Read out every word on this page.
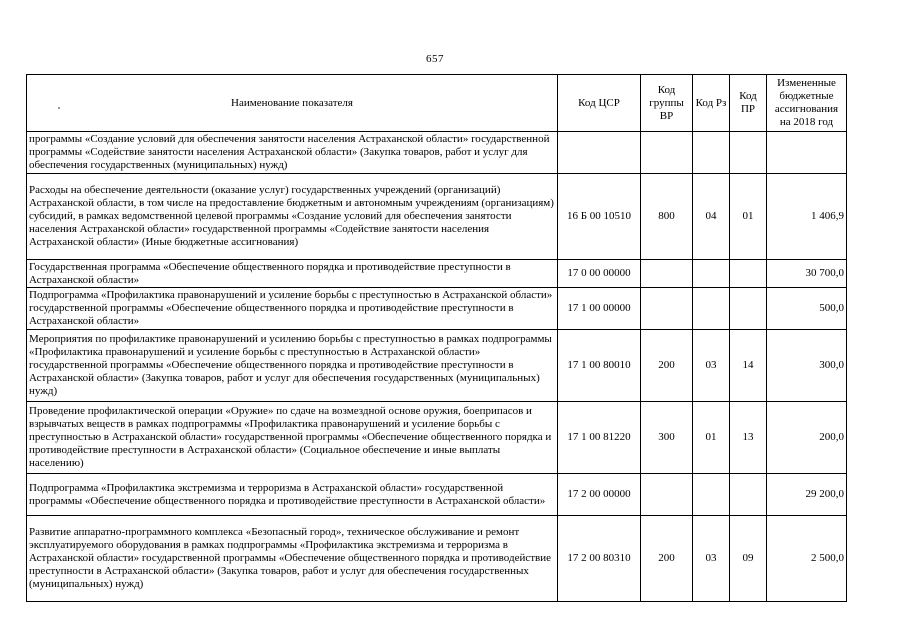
657
Наименование показателя	Код ЦСР	Код группы ВР	Код Рз	Код ПР	Измененные бюджетные ассигнования на 2018 год
программы «Создание условий для обеспечения занятости населения Астраханской области» государственной программы «Содействие занятости населения Астраханской области» (Закупка товаров, работ и услуг для обеспечения государственных (муниципальных) нужд)					
Расходы на обеспечение деятельности (оказание услуг) государственных учреждений (организаций) Астраханской области, в том числе на предоставление бюджетным и автономным учреждениям (организациям) субсидий, в рамках ведомственной целевой программы «Создание условий для обеспечения занятости населения Астраханской области» государственной программы «Содействие занятости населения Астраханской области» (Иные бюджетные ассигнования)	16 Б 00 10510	800	04	01	1 406,9
Государственная программа «Обеспечение общественного порядка и противодействие преступности в Астраханской области»	17 0 00 00000				30 700,0
Подпрограмма «Профилактика правонарушений и усиление борьбы с преступностью в Астраханской области» государственной программы «Обеспечение общественного порядка и противодействие преступности в Астраханской области»	17 1 00 00000				500,0
Мероприятия по профилактике правонарушений и усилению борьбы с преступностью в рамках подпрограммы «Профилактика правонарушений и усиление борьбы с преступностью в Астраханской области» государственной программы «Обеспечение общественного порядка и противодействие преступности в Астраханской области» (Закупка товаров, работ и услуг для обеспечения государственных (муниципальных) нужд)	17 1 00 80010	200	03	14	300,0
Проведение профилактической операции «Оружие» по сдаче на возмездной основе оружия, боеприпасов и взрывчатых веществ в рамках подпрограммы «Профилактика правонарушений и усиление борьбы с преступностью в Астраханской области» государственной программы «Обеспечение общественного порядка и противодействие преступности в Астраханской области» (Социальное обеспечение и иные выплаты населению)	17 1 00 81220	300	01	13	200,0
Подпрограмма «Профилактика экстремизма и терроризма в Астраханской области» государственной программы «Обеспечение общественного порядка и противодействие преступности в Астраханской области»	17 2 00 00000				29 200,0
Развитие аппаратно-программного комплекса «Безопасный город», техническое обслуживание и ремонт эксплуатируемого оборудования в рамках подпрограммы «Профилактика экстремизма и терроризма в Астраханской области» государственной программы «Обеспечение общественного порядка и противодействие преступности в Астраханской области» (Закупка товаров, работ и услуг для обеспечения государственных (муниципальных) нужд)	17 2 00 80310	200	03	09	2 500,0
